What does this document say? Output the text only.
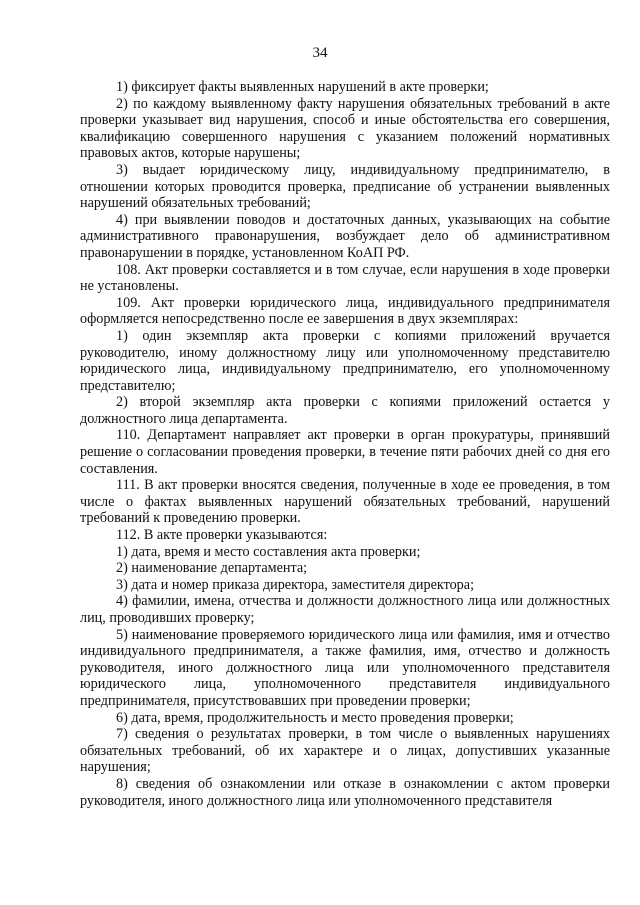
34

1) фиксирует факты выявленных нарушений в акте проверки;

2) по каждому выявленному факту нарушения обязательных требований в акте проверки указывает вид нарушения, способ и иные обстоятельства его совершения, квалификацию совершенного нарушения с указанием положений нормативных правовых актов, которые нарушены;

3) выдает юридическому лицу, индивидуальному предпринимателю, в отношении которых проводится проверка, предписание об устранении выявленных нарушений обязательных требований;

4) при выявлении поводов и достаточных данных, указывающих на событие административного правонарушения, возбуждает дело об административном правонарушении в порядке, установленном КоАП РФ.

108. Акт проверки составляется и в том случае, если нарушения в ходе проверки не установлены.

109. Акт проверки юридического лица, индивидуального предпринимателя оформляется непосредственно после ее завершения в двух экземплярах:

1) один экземпляр акта проверки с копиями приложений вручается руководителю, иному должностному лицу или уполномоченному представителю юридического лица, индивидуальному предпринимателю, его уполномоченному представителю;

2) второй экземпляр акта проверки с копиями приложений остается у должностного лица департамента.

110. Департамент направляет акт проверки в орган прокуратуры, принявший решение о согласовании проведения проверки, в течение пяти рабочих дней со дня его составления.

111. В акт проверки вносятся сведения, полученные в ходе ее проведения, в том числе о фактах выявленных нарушений обязательных требований, нарушений требований к проведению проверки.

112. В акте проверки указываются:

1) дата, время и место составления акта проверки;

2) наименование департамента;

3) дата и номер приказа директора, заместителя директора;

4) фамилии, имена, отчества и должности должностного лица или должностных лиц, проводивших проверку;

5) наименование проверяемого юридического лица или фамилия, имя и отчество индивидуального предпринимателя, а также фамилия, имя, отчество и должность руководителя, иного должностного лица или уполномоченного представителя юридического лица, уполномоченного представителя индивидуального предпринимателя, присутствовавших при проведении проверки;

6) дата, время, продолжительность и место проведения проверки;

7) сведения о результатах проверки, в том числе о выявленных нарушениях обязательных требований, об их характере и о лицах, допустивших указанные нарушения;

8) сведения об ознакомлении или отказе в ознакомлении с актом проверки руководителя, иного должностного лица или уполномоченного представителя
